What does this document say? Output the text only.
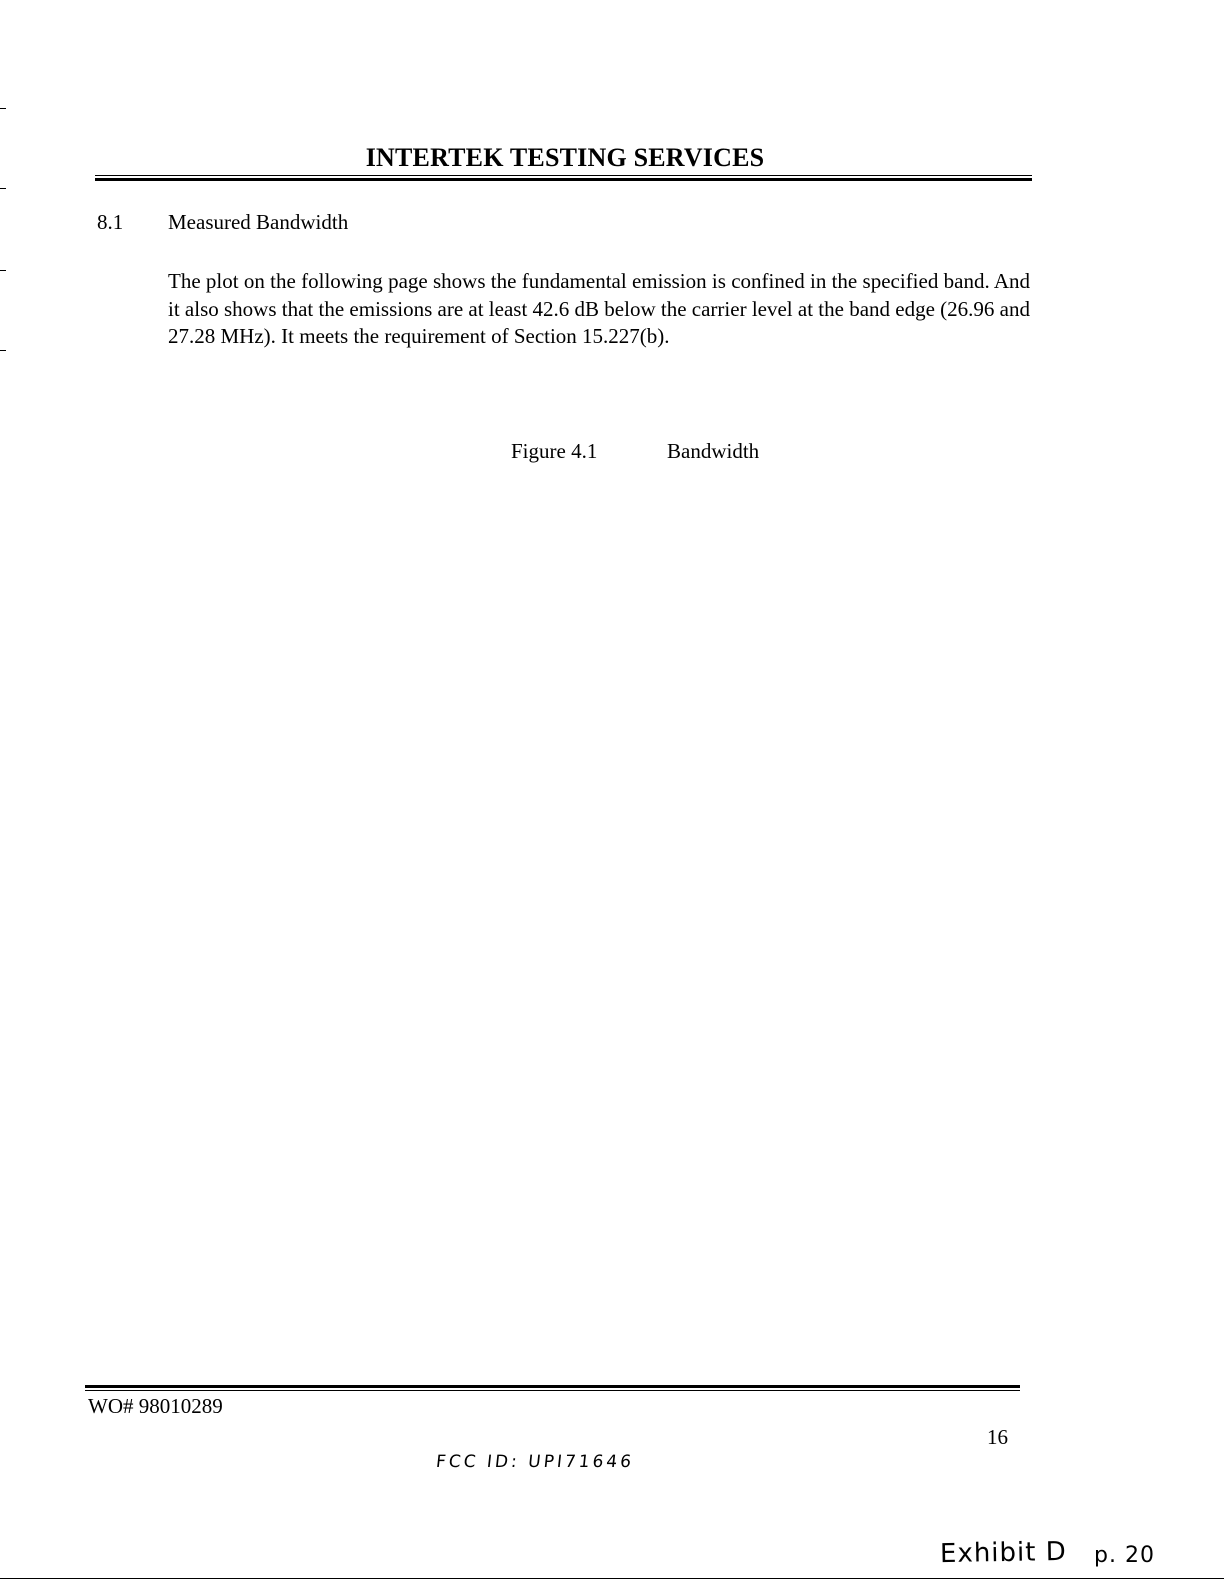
INTERTEK TESTING SERVICES
8.1 Measured Bandwidth
The plot on the following page shows the fundamental emission is confined in the specified band. And it also shows that the emissions are at least 42.6 dB below the carrier level at the band edge (26.96 and 27.28 MHz). It meets the requirement of Section 15.227(b).
Figure 4.1	Bandwidth
WO# 98010289
16
FCC ID: UPI71646
Exhibit D p. 20
